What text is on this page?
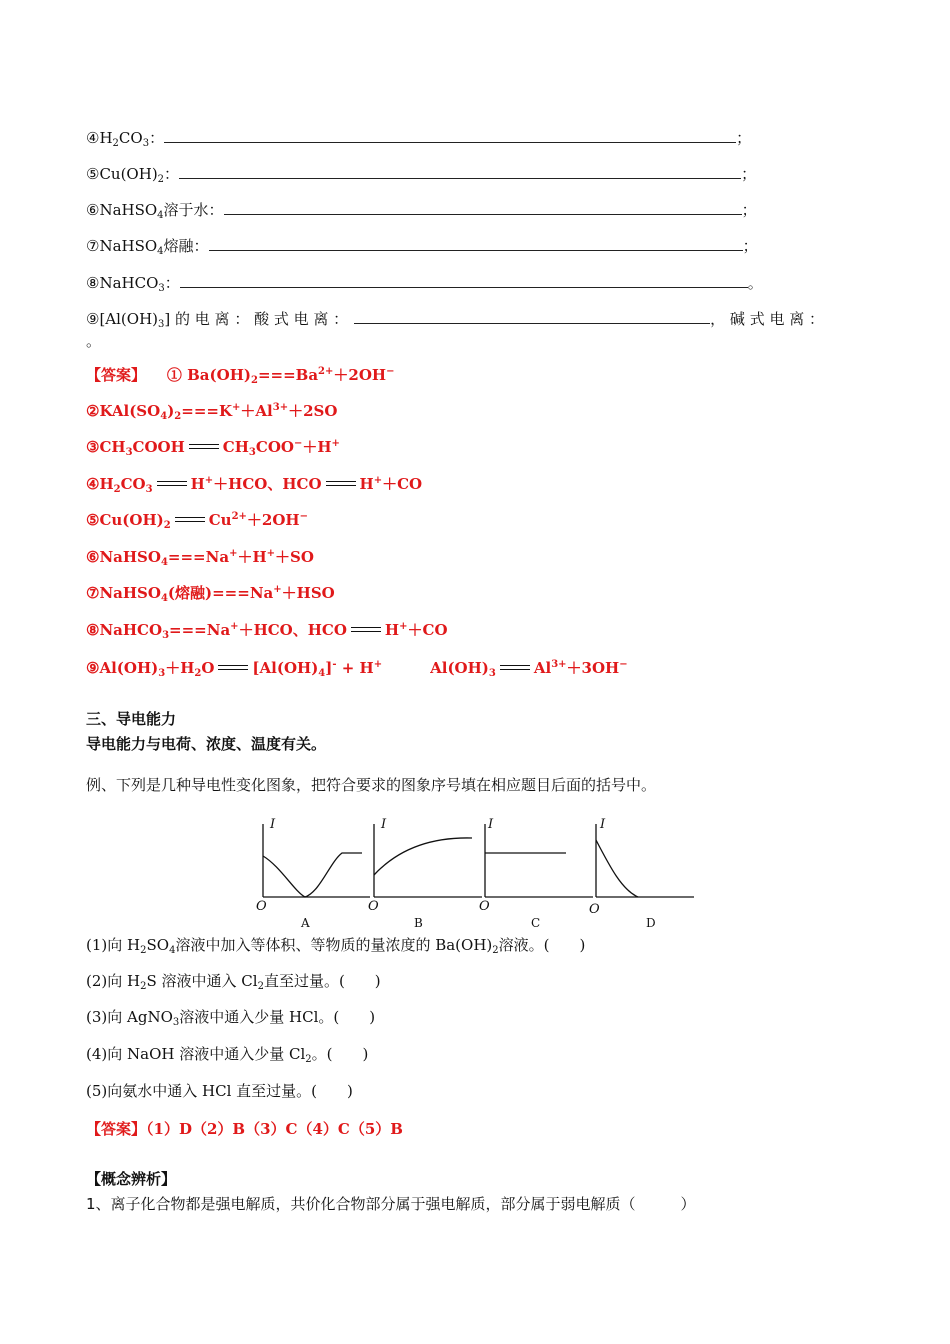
$④H_2CO_3$：	；
$⑤Cu(OH)_2$：	；
⑥NaHSO$_4$溶于水：	；
⑦NaHSO$_4$熔融：	；
⑧NaHCO$_3$：	。
$⑨[Al(OH)_3]$ 的 电 离 ： 酸 式 电 离 ：	， 碱 式 电 离 ：
。
【答案】 ① $Ba(OH)_2===Ba^{2+}+2OH^-$
$②KAl(SO_4)_2===K^++Al^{3+}+2SO$
$③CH_3COOH$	$CH_3COO^-+H^+$
$④H_2CO_3$	H+＋HCO、HCO	H+＋CO
$⑤Cu(OH)_2$	$Cu^{2+}+2OH^-$
⑥NaHSO$_4$===Na+＋H+＋SO
⑦NaHSO$_4$(熔融)===Na+＋HSO
⑧NaHCO$_3$===Na+＋HCO、HCO	H+＋CO
$⑨Al(OH)_3+H_2O$	$[Al(OH)_4]^- + H^+$	$Al(OH)_3$	$Al^{3+}+3OH^-$
三、导电能力
导电能力与电荷、浓度、温度有关。
例、下列是几种导电性变化图象，把符合要求的图象序号填在相应题目后面的括号中。
I	I	I	I
O	O	O	O
A	B	C	D
(1)向 $H_2SO_4$溶液中加入等体积、等物质的量浓度的 $Ba(OH)_2$溶液。(　　)
(2)向 $H_2S$ 溶液中通入 $Cl_2$直至过量。(　　)
(3)向 AgNO$_3$溶液中通入少量 HCl。(　　)
(4)向 NaOH 溶液中通入少量 $Cl_2$。(　　)
(5)向氨水中通入 HCl 直至过量。(　　)
【答案】（1）D（2）B（3）C（4）C（5）B
【概念辨析】
1、离子化合物都是强电解质，共价化合物部分属于强电解质，部分属于弱电解质（　　　）
